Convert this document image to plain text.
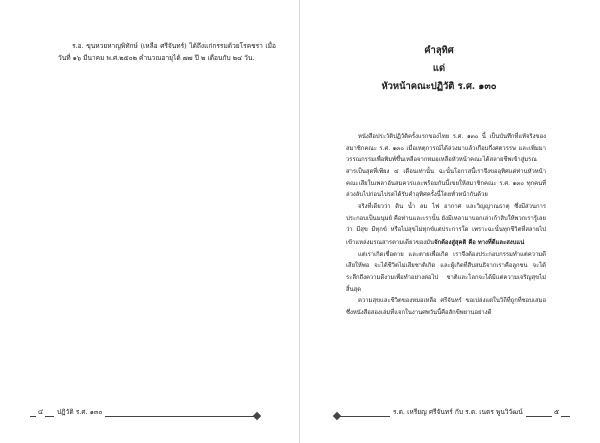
ร.อ. ขุนหวยหาญพิทักษ์ (เหลือ ศรีจันทร์) ได้ถึงแก่กรรมด้วยโรคชรา เมื่อวันที่ ๑๖ มีนาคม พ.ศ.๒๕๐๒ คำนวณอายุได้ ๗๗ ปี ๒ เดือนกับ ๒๔ วัน.

คำลุทิศ
แด่
หัวหน้าคณะปฏิวัติ ร.ศ. ๑๓๐

หนังสือประวัติปฏิวัติครั้งแรกของไทย ร.ศ. ๑๓๐ นี้ เป็นบันทึกที่แท้จริงของสมาชิกคณะ ร.ศ. ๑๓๐ เมื่อเหตุการณ์ได้ล่วงมาแล้วเกือบกึ่งศตวรรษ และเพิ่มมาวรรณกรรมเพื่อพิมพ์ขึ้นเหลือจากหมอเหลือหัวหน้าคณะได้สลายชีพเข้าสู่มรณสารเป็นสุดที่เพียง ๔ เดือนเท่านั้น ฉะนั้นโอกาสนี้เราจึงขออุทิศแด่ท่านหัวหน้าคณะเสียในเพลาอันสมควรและพร้อมกันนี้เขยให้สมาชิกคณะ ร.ศ. ๑๓๐ ทุกคนที่ล่วงลับไปก่อนไปรดได้รับคำอุทิศครั้งนี้โดยทั่วหน้ากันด้วย

จริงที่เดียวว่า ดิน น้ำ ลม ไฟ อากาศ และวิญญาณธาตุ ซึ่งมีส่วนการประกอบเป็นมนุษย์ คือท่านและเรานั้น ยังมีเหลามาบอกเล่าเก้าสิบให้พวกเรารู้เลยว่า มีสุข มีทุกข์ หรือไม่สุขไม่ทุกข์แต่ประการใด เพราะฉะนั้นทุกชีวิตที่สลายไปเข้าแหล่งมรณสารตามเดียวของมันจักต้องสู่สุคติ คือ ทางที่ดีและสงบแน่

แต่เราเกิดเชื่อตาย และตายเพื่อเกิด เราจึงต้องประกอบกรรมทำแต่ความดีเสียให้พอ จะได้ชีวิตไม่เสียชาติเกิด และผู้เกิดที่สืบสนธิจากเราคือลูกชน จะได้ระลึกถึงความดีงามเพื่อทำอย่างต่อไป ชาติและโลกจะได้มีแต่ความเจริญสุขไม่สิ้นสุด

ความสุขและชีวิตของหมอเหลือ ศรีจันทร์ ขอเปล่งแต่ในวิถีที่ถูกที่ชอบเสมอ ซึ่งหนังสือสองเล่มที่แจกในงานศพวันนี้คือสักขีพยานอย่างดี

๔	ปฏิวัติ ร.ศ. ๑๓๐	ร.ต. เหรียญ ศรีจันทร์ กับ ร.ต. เนตร พูนวิวัฒน์	๕
